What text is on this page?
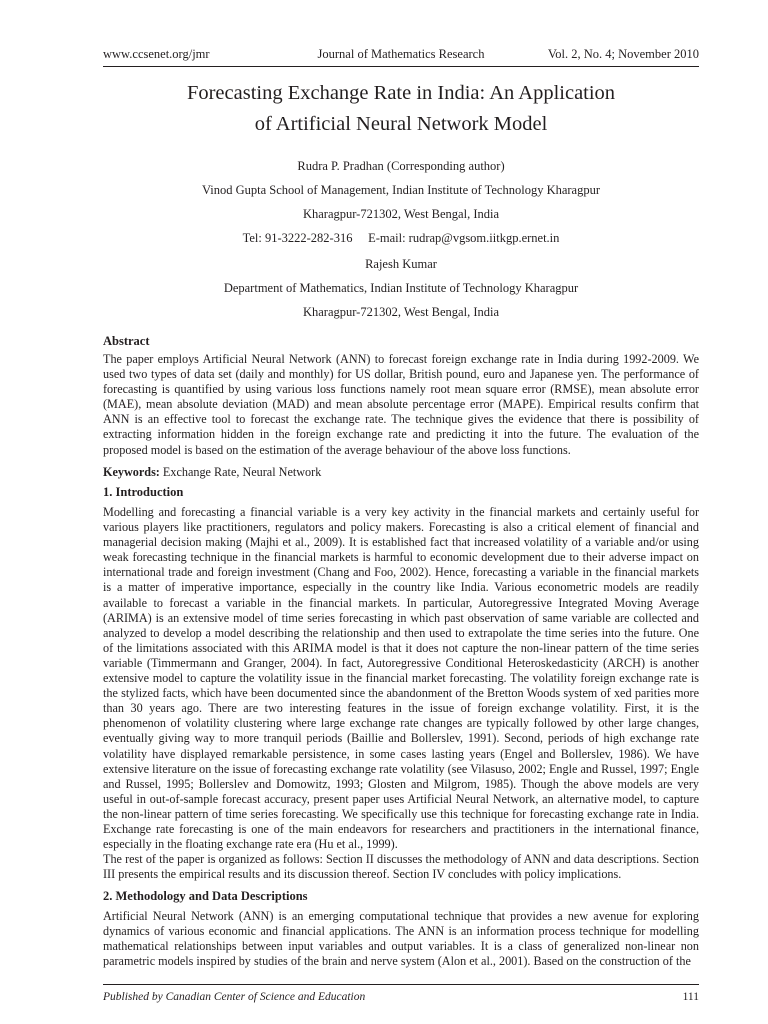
www.ccsenet.org/jmr	Journal of Mathematics Research	Vol. 2, No. 4; November 2010
Forecasting Exchange Rate in India: An Application
of Artificial Neural Network Model
Rudra P. Pradhan (Corresponding author)
Vinod Gupta School of Management, Indian Institute of Technology Kharagpur
Kharagpur-721302, West Bengal, India
Tel: 91-3222-282-316     E-mail: rudrap@vgsom.iitkgp.ernet.in
Rajesh Kumar
Department of Mathematics, Indian Institute of Technology Kharagpur
Kharagpur-721302, West Bengal, India
Abstract
The paper employs Artificial Neural Network (ANN) to forecast foreign exchange rate in India during 1992-2009. We used two types of data set (daily and monthly) for US dollar, British pound, euro and Japanese yen. The performance of forecasting is quantified by using various loss functions namely root mean square error (RMSE), mean absolute error (MAE), mean absolute deviation (MAD) and mean absolute percentage error (MAPE). Empirical results confirm that ANN is an effective tool to forecast the exchange rate. The technique gives the evidence that there is possibility of extracting information hidden in the foreign exchange rate and predicting it into the future. The evaluation of the proposed model is based on the estimation of the average behaviour of the above loss functions.
Keywords: Exchange Rate, Neural Network
1. Introduction
Modelling and forecasting a financial variable is a very key activity in the financial markets and certainly useful for various players like practitioners, regulators and policy makers. Forecasting is also a critical element of financial and managerial decision making (Majhi et al., 2009). It is established fact that increased volatility of a variable and/or using weak forecasting technique in the financial markets is harmful to economic development due to their adverse impact on international trade and foreign investment (Chang and Foo, 2002). Hence, forecasting a variable in the financial markets is a matter of imperative importance, especially in the country like India. Various econometric models are readily available to forecast a variable in the financial markets. In particular, Autoregressive Integrated Moving Average (ARIMA) is an extensive model of time series forecasting in which past observation of same variable are collected and analyzed to develop a model describing the relationship and then used to extrapolate the time series into the future. One of the limitations associated with this ARIMA model is that it does not capture the non-linear pattern of the time series variable (Timmermann and Granger, 2004). In fact, Autoregressive Conditional Heteroskedasticity (ARCH) is another extensive model to capture the volatility issue in the financial market forecasting. The volatility foreign exchange rate is the stylized facts, which have been documented since the abandonment of the Bretton Woods system of xed parities more than 30 years ago. There are two interesting features in the issue of foreign exchange volatility. First, it is the phenomenon of volatility clustering where large exchange rate changes are typically followed by other large changes, eventually giving way to more tranquil periods (Baillie and Bollerslev, 1991). Second, periods of high exchange rate volatility have displayed remarkable persistence, in some cases lasting years (Engel and Bollerslev, 1986). We have extensive literature on the issue of forecasting exchange rate volatility (see Vilasuso, 2002; Engle and Russel, 1997; Engle and Russel, 1995; Bollerslev and Domowitz, 1993; Glosten and Milgrom, 1985). Though the above models are very useful in out-of-sample forecast accuracy, present paper uses Artificial Neural Network, an alternative model, to capture the non-linear pattern of time series forecasting. We specifically use this technique for forecasting exchange rate in India. Exchange rate forecasting is one of the main endeavors for researchers and practitioners in the international finance, especially in the floating exchange rate era (Hu et al., 1999).
The rest of the paper is organized as follows: Section II discusses the methodology of ANN and data descriptions. Section III presents the empirical results and its discussion thereof. Section IV concludes with policy implications.
2. Methodology and Data Descriptions
Artificial Neural Network (ANN) is an emerging computational technique that provides a new avenue for exploring dynamics of various economic and financial applications. The ANN is an information process technique for modelling mathematical relationships between input variables and output variables. It is a class of generalized non-linear non parametric models inspired by studies of the brain and nerve system (Alon et al., 2001). Based on the construction of the
Published by Canadian Center of Science and Education	111
